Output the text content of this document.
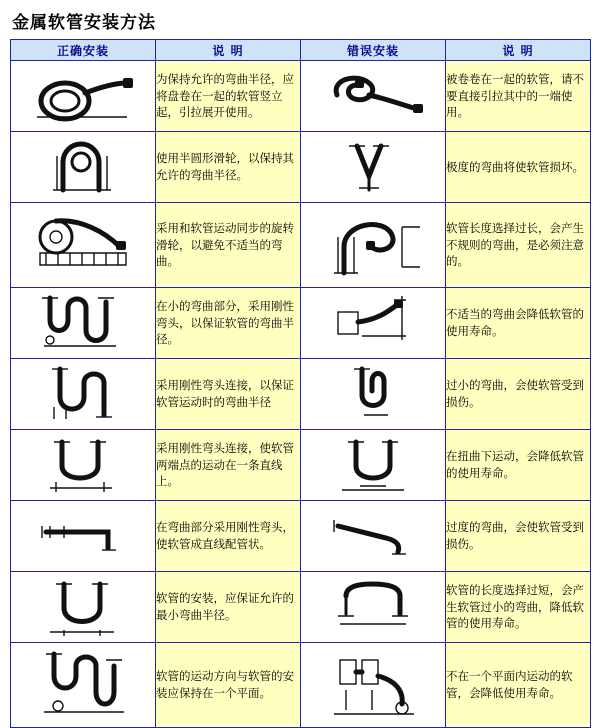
金属软管安装方法
正确安装	说 明	错误安装	说 明

	为保持允许的弯曲半径，应将盘卷在一起的软管竖立起，引拉展开使用。		被卷卷在一起的软管，请不要直接引拉其中的一端使用。

	使用半圆形滑轮，以保持其允许的弯曲半径。		极度的弯曲将使软管损坏。

	采用和软管运动同步的旋转滑轮，以避免不适当的弯曲。		软管长度选择过长，会产生不规则的弯曲，是必须注意的。

	在小的弯曲部分，采用刚性弯头，以保证软管的弯曲半径。		不适当的弯曲会降低软管的使用寿命。

	采用刚性弯头连接，以保证软管运动时的弯曲半径		过小的弯曲，会使软管受到损伤。

	采用刚性弯头连接，使软管两端点的运动在一条直线上。		在扭曲下运动，会降低软管的使用寿命。

	在弯曲部分采用刚性弯头，使软管成直线配管状。		过度的弯曲，会使软管受到损伤。

	软管的安装，应保证允许的最小弯曲半径。		软管的长度选择过短，会产生软管过小的弯曲，降低软管的使用寿命。

	软管的运动方向与软管的安装应保持在一个平面。		不在一个平面内运动的软管，会降低使用寿命。
